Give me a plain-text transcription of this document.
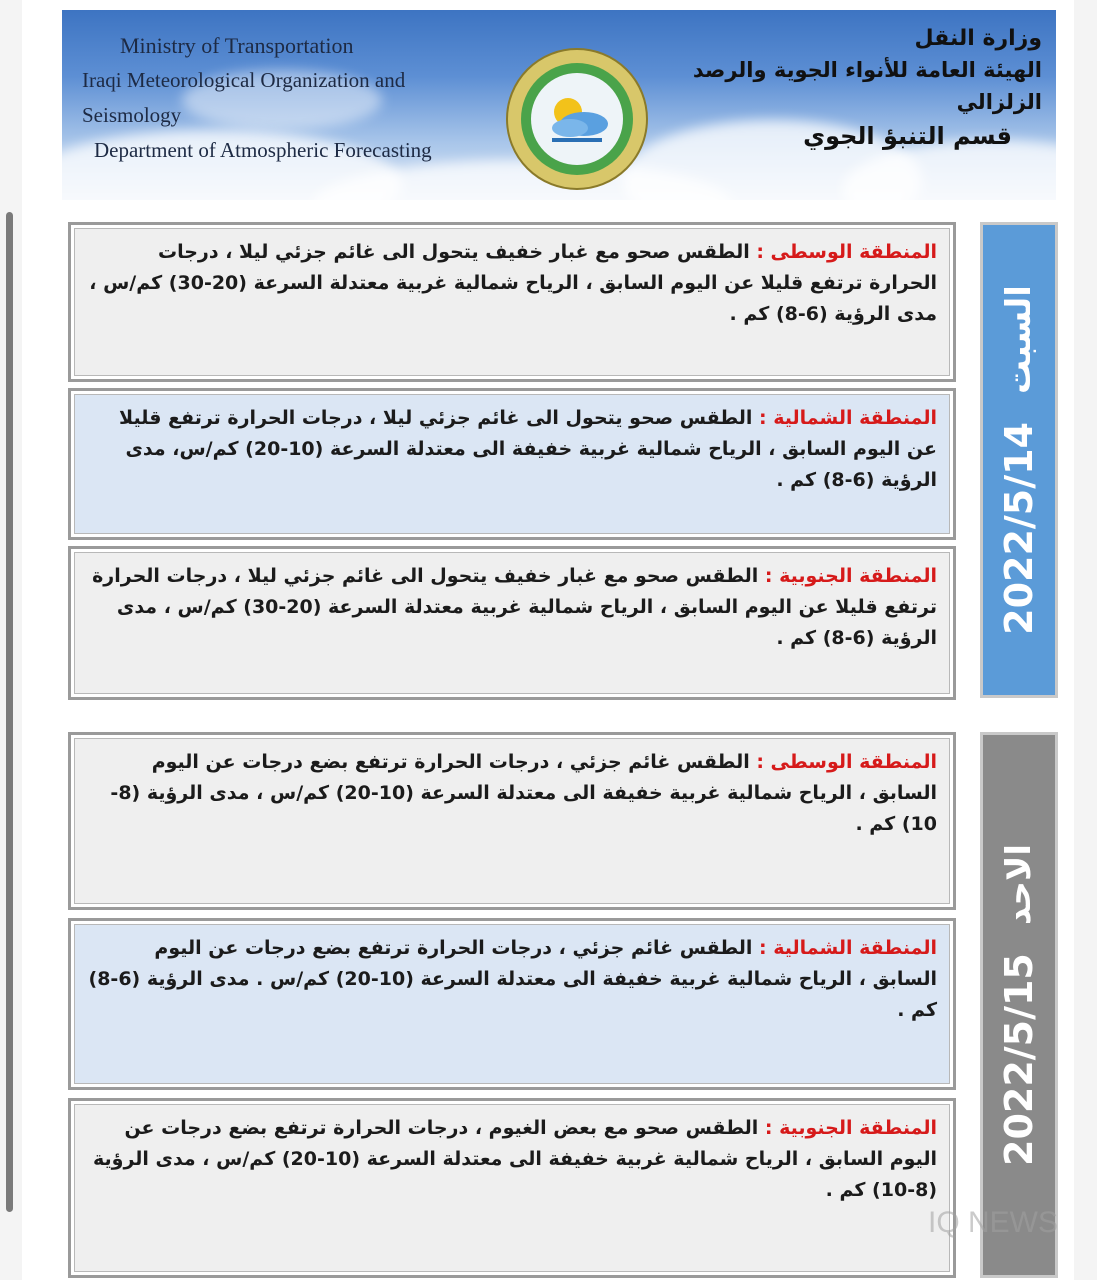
Ministry of Transportation
Iraqi Meteorological Organization and Seismology
Department of Atmospheric Forecasting
وزارة النقل
الهيئة العامة للأنواء الجوية والرصد الزلزالي
قسم التنبؤ الجوي

المنطقة الوسطى : الطقس صحو مع غبار خفيف يتحول الى غائم جزئي ليلا ، درجات الحرارة ترتفع قليلا عن اليوم السابق ، الرياح شمالية غربية معتدلة السرعة (20-30) كم/س ، مدى الرؤية (6-8) كم .

المنطقة الشمالية : الطقس صحو يتحول الى غائم جزئي ليلا ، درجات الحرارة ترتفع قليلا عن اليوم السابق ، الرياح شمالية غربية خفيفة الى معتدلة السرعة (10-20) كم/س، مدى الرؤية (6-8) كم .

المنطقة الجنوبية : الطقس صحو مع غبار خفيف يتحول الى غائم جزئي ليلا ، درجات الحرارة ترتفع قليلا عن اليوم السابق ، الرياح شمالية غربية معتدلة السرعة (20-30) كم/س ، مدى الرؤية (6-8) كم .

السبت
2022/5/14

المنطقة الوسطى : الطقس غائم جزئي ، درجات الحرارة ترتفع بضع درجات عن اليوم السابق ، الرياح شمالية غربية خفيفة الى معتدلة السرعة (10-20) كم/س ، مدى الرؤية (8-10) كم .

المنطقة الشمالية : الطقس غائم جزئي ، درجات الحرارة ترتفع بضع درجات عن اليوم السابق ، الرياح شمالية غربية خفيفة الى معتدلة السرعة (10-20) كم/س . مدى الرؤية (6-8) كم .

المنطقة الجنوبية : الطقس صحو مع بعض الغيوم ، درجات الحرارة ترتفع بضع درجات عن اليوم السابق ، الرياح شمالية غربية خفيفة الى معتدلة السرعة (10-20) كم/س ، مدى الرؤية (8-10) كم .

الاحد
2022/5/15
IQ NEWS
